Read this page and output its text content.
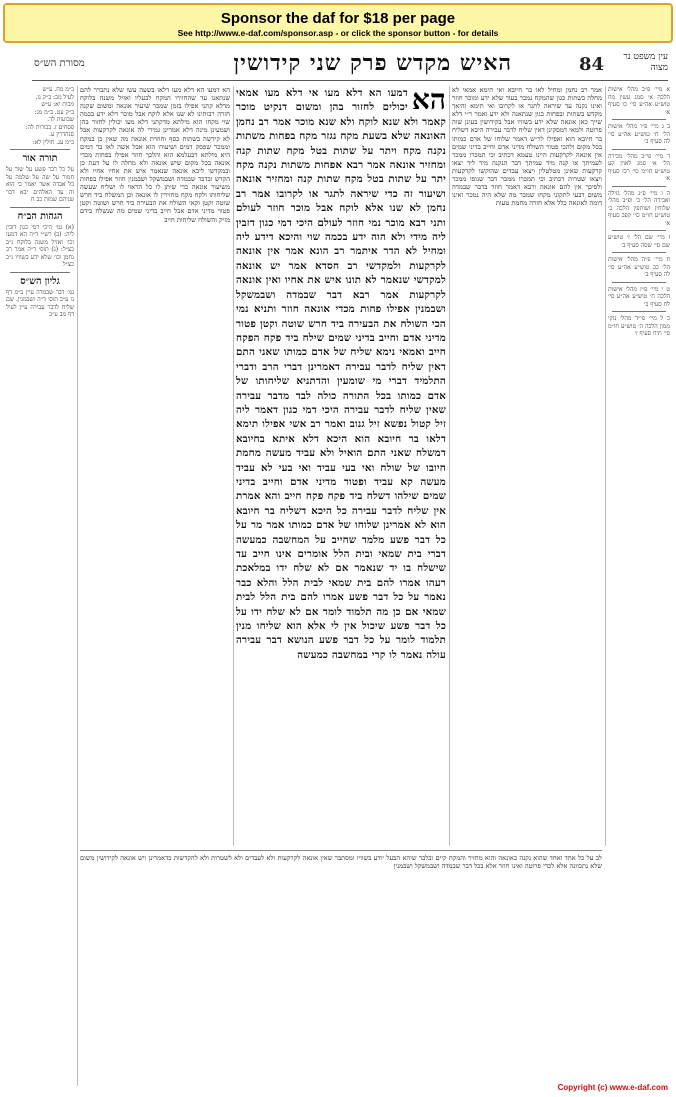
Sponsor the daf for $18 per page
See http://www.e-daf.com/sponsor.asp - or click the sponsor button - for details
עין משפט נר מצוה
84
האיש מקדש פרק שני קידושין
מסורת הש״ס

א מיי׳ פ״ב מהל׳ אישות הלכה א׳ סמג עשין מח טוש״ע אה״ע סי׳ כו סעיף א׳

ב ג מיי׳ פ״ו מהל׳ אישות הל׳ ח׳ טוש״ע אה״ע סי׳ לה סעיף ב׳

ד מיי׳ פי״ב מהל׳ מכירה הל׳ א׳ סמג לאוין קע טוש״ע חו״מ סי׳ רכז סעיף א׳

ה ו מיי׳ פ״ג מהל׳ גזילה ואבידה הל׳ ב׳ ופ״ב מהל׳ שלוחין ושותפין הלכה ב׳ טוש״ע חו״מ סי׳ קפב סעיף א׳

ז מיי׳ שם הל׳ ז׳ טוש״ע שם סי׳ שסה סעיף ב׳

ח מיי׳ פ״ה מהל׳ אישות הל׳ כב טוש״ע אה״ע סי׳ לה סעיף ב׳

ט י מיי׳ פ״ז מהל׳ אישות הלכה ח׳ טוש״ע אה״ע סי׳ לח סעיף ב׳

כ ל מיי׳ פי״ד מהל׳ נזקי ממון הלכה ה׳ טוש״ע חו״מ סי׳ תיח סעיף ז׳

אמר רב נחמן ומחיל לאו בר חיובא ואי תימא אמאי לא מחלה בשתות כגון שהמקח נמכר בעוד שלא ידע ומוכר חוזר ואינו נקנה עד שיראה לתגר או לקרובו ואי תימא והיאך מקדש בשתות ובפחות כגון שנתאנה ולא ידע ואמר ר״י דלא שייך כאן אונאה שלא ידע בשוויו אבל בקידושין בעינן שוה פרוטה ולמאי דמסקינן דאין שליח לדבר עבירה היכא דשליח בר חיובא הוא ואפילו לר״ש דאמר שלוחו של אדם כמותו בכל מקום ולהכי פטור השולח מדיני אדם וחייב בדיני שמים אין אונאה לקרקעות היינו טעמא דכתיב וכי תמכרו ממכר לעמיתך או קנה מיד עמיתך דבר הנקנה מיד ליד יצאו קרקעות שאינן מטלטלין ויצאו עבדים שהוקשו לקרקעות ויצאו שטרות דכתיב וכי תמכרו ממכר דבר שגופו ממכר ולפיכך אין להם אונאה ורבא דאמר חוזר בדבר שבמדה משום דבעי לתקוני מקחו שמכר מה שלא היה נמכר ואינו דומה לאונאה כלל אלא חזרה מחמת טעות

הא

דמעו הא דלא מעו אי דלא מעו אמאי יכולים לחזור בהן ומשום דנקיט מוכר קאמר ולא שנא לוקח ולא שנא מוכר אמר רב נחמן האונאה שלא בשעת מקח נגזר מקח בפחות משתות נקנה מקח ויתר על שתות בטל מקח שתות קנה ומחזיר אונאה אמר רבא אפחות משתות נקנה מקח יתר על שתות בטל מקח שתות קנה ומחזיר אונאה ושיעור זה כדי שיראה לתגר או לקרובו אמר רב נחמן לא שנו אלא לוקח אבל מוכר חוזר לעולם ותני רבא מוכר נמי חוזר לעולם היכי דמי כגון דזבין ליה מידי ולא הוה ידע בכמה שוי והיכא דידע ליה ומחיל לא הדר איתמר רב הונא אמר אין אונאה לקרקעות ולמקדשי רב חסדא אמר יש אונאה למקדשי שנאמר לא תונו איש את אחיו ואין אונאה לקרקעות אמר רבא דבר שבמדה ושבמשקל ושבמנין אפילו פחות מכדי אונאה חוזר ותניא נמי הכי השולח את הבעירה ביד חרש שוטה וקטן פטור מדיני אדם וחייב בדיני שמים שילח ביד פקח הפקח חייב ואמאי נימא שליח של אדם כמותו שאני התם דאין שליח לדבר עבירה דאמרינן דברי הרב ודברי התלמיד דברי מי שומעין והדתניא שליחותו של אדם כמותו בכל התורה כולה לבד מדבר עבירה שאין שליח לדבר עבירה היכי דמי כגון דאמר ליה זיל קטול נפשא זיל גנוב ואמר רב אשי אפילו תימא דלאו בר חיובא הוא היכא דלא איתא בחיובא דמשלח שאני התם הואיל ולא עביד מעשה מחמת חיובו של שולח ואי בעי עביד ואי בעי לא עביד מעשה קא עביד ופטור מדיני אדם וחייב בדיני שמים שילהו דשלח ביד פקח פקח חייב והא אמרת אין שליח לדבר עבירה כל היכא דשליח בר חיובא הוא לא אמרינן שלוחו של אדם כמותו אמר מר על כל דבר פשע מלמד שחייב על המחשבה כמעשה דברי בית שמאי ובית הלל אומרים אינו חייב עד שישלח בו יד שנאמר אם לא שלח ידו במלאכת רעהו אמרו להם בית שמאי לבית הלל והלא כבר נאמר על כל דבר פשע אמרו להם בית הלל לבית שמאי אם כן מה תלמוד לומר אם לא שלח ידו על כל דבר פשע שיכול אין לי אלא הוא שליחו מנין תלמוד לומר על כל דבר פשע הנושא דבר עבירה עולה נאמר לו קרי במחשבה כמעשה

הא דמעו הא דלא מעו דלאו בשעה עשו שלא נתברר להם שנתאנו עד שהחזירו המקח לבעליו ואזיל משנה בלוקח מדלא קתני אפילו בזמן שמכר שיעור אונאה ומשום שקנה חזרה רבותינו לא שנו אלא לוקח אבל מוכר דלא ידע בכמה שוי מקחו הוא מילתא מדקתני דלא מעו יכולין לחזור בהן ושמעינן מינה דלא אמרינן גמירי לה אונאה לקרקעות אבל לא קידשה בשתות כסף וחוזרת אונאה מה שאין כן במקח וממכר שפסק דמים ושיעורו הוא אבל אשה לאו בר דמים היא מילתא דבעלמא הוא והלכך חוזר אפילו בפחות מכדי אונאה בכל מקום שיש אונאה ולא מחלה לו על דעת כן ובמקדשי ליכא אונאה שנאמר איש את אחיו אחיו ולא הקדש ובדבר שבמדה ושבמשקל ושבמנין חוזר אפילו בפחות משיעור אונאה כדי שיתן לו כל הראוי לו ושליח שעשה שליחותו ולקח מקח מחזירין לו אונאה וכן המשלח ביד חרש שוטה וקטן וקאי השולח את הבעירה ביד חרש ושוטה וקטן פטור מדיני אדם אבל חייב בדיני שמים מה שנשלח בידם מזיק והשולח שליחות חייב

ב״מ מח. ע״ש

לעיל מב: ב״ק נו.

מכות יא: ע״ש

ב״ק עט. ב״מ מג:

שבועות לד.

פסחים ז. בכורות לה:

סנהדרין ע.

ב״מ עג. חולין לא:

תורה אור

על כל דבר פשע על שור על חמור על שה על שלמה על כל אבדה אשר יאמר כי הוא זה עד האלהים יבא דבר שניהם שמות כב ח

הגהות הב״ח

(א) גמ׳ היכי דמי כגון דזבין ליה: (ב) רש״י ד״ה הא דמעו וכו׳ ואזיל משנה בלוקח נ״ב כצ״ל: (ג) תוס׳ ד״ה אמר רב נחמן וכו׳ שלא ידע בשוויו נ״ב כצ״ל

גליון הש״ס

גמ׳ דבר שבמדה עיין ב״מ דף נו ע״ב תוס׳ ד״ה ושבמנין. שם שליח לדבר עבירה עיין לעיל דף מב ע״ב

לב על כל אחד ואחד שהוא נקנה באונאה והוא מחזיר והמקח קיים ובלבד שיהא הבעל יודע בשוויו ומסתבר שאין אונאה לקרקעות ולא לעבדים ולא לשטרות ולא להקדשות כדאמרינן ויש אונאה לקידושין משום שלא נתכוונה אלא לכדי פרוטה ואינו חוזר אלא בכל דבר שבמדה ושבמשקל ושבמנין

Copyright (c) www.e-daf.com
